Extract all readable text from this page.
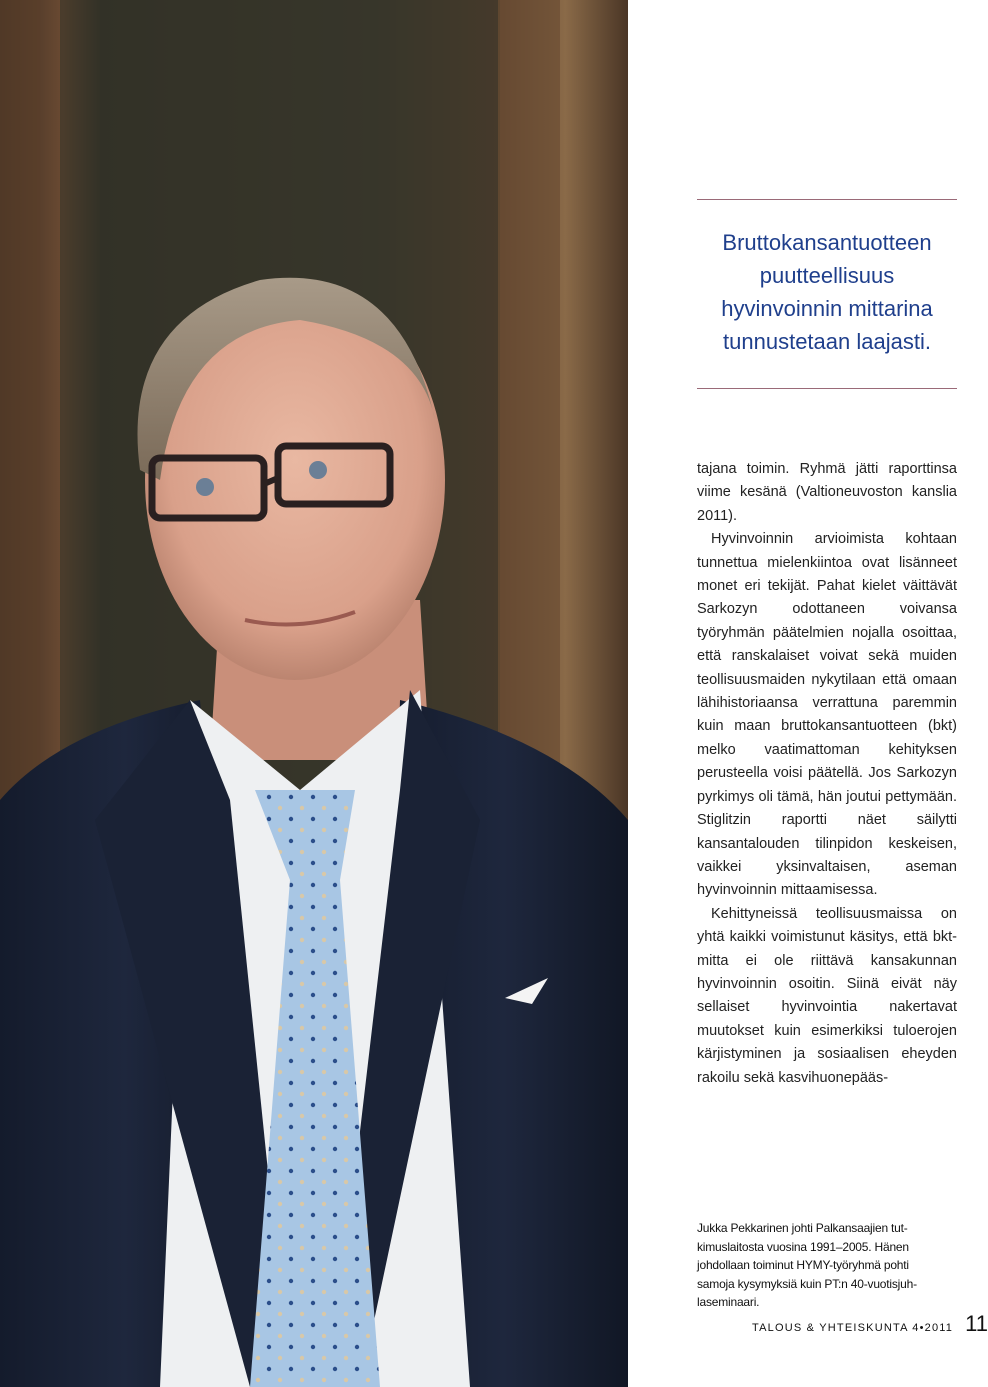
Bruttokansantuotteen puutteellisuus hyvinvoinnin mittarina tunnustetaan laajasti.

tajana toimin. Ryhmä jätti raporttinsa viime kesänä (Valtioneuvoston kanslia 2011).

Hyvinvoinnin arvioimista kohtaan tunnettua mielenkiintoa ovat lisänneet monet eri tekijät. Pahat kielet väittävät Sarkozyn odottaneen voivansa työryhmän päätelmien nojalla osoittaa, että ranskalaiset voivat sekä muiden teollisuusmaiden nykytilaan että omaan lähihistoriaansa verrattuna paremmin kuin maan bruttokansantuotteen (bkt) melko vaatimattoman kehityksen perusteella voisi päätellä. Jos Sarkozyn pyrkimys oli tämä, hän joutui pettymään. Stiglitzin raportti näet säilytti kansantalouden tilinpidon keskeisen, vaikkei yksinvaltaisen, aseman hyvinvoinnin mittaamisessa.

Kehittyneissä teollisuusmaissa on yhtä kaikki voimistunut käsitys, että bkt-mitta ei ole riittävä kansakunnan hyvinvoinnin osoitin. Siinä eivät näy sellaiset hyvinvointia nakertavat muutokset kuin esimerkiksi tuloerojen kärjistyminen ja sosiaalisen eheyden rakoilu sekä kasvihuonepääs-

Jukka Pekkarinen johti Palkansaajien tutkimuslaitosta vuosina 1991–2005. Hänen johdollaan toiminut HYMY-työryhmä pohti samoja kysymyksiä kuin PT:n 40-vuotisjuhlaseminaari.

TALOUS & YHTEISKUNTA 4•2011 11
